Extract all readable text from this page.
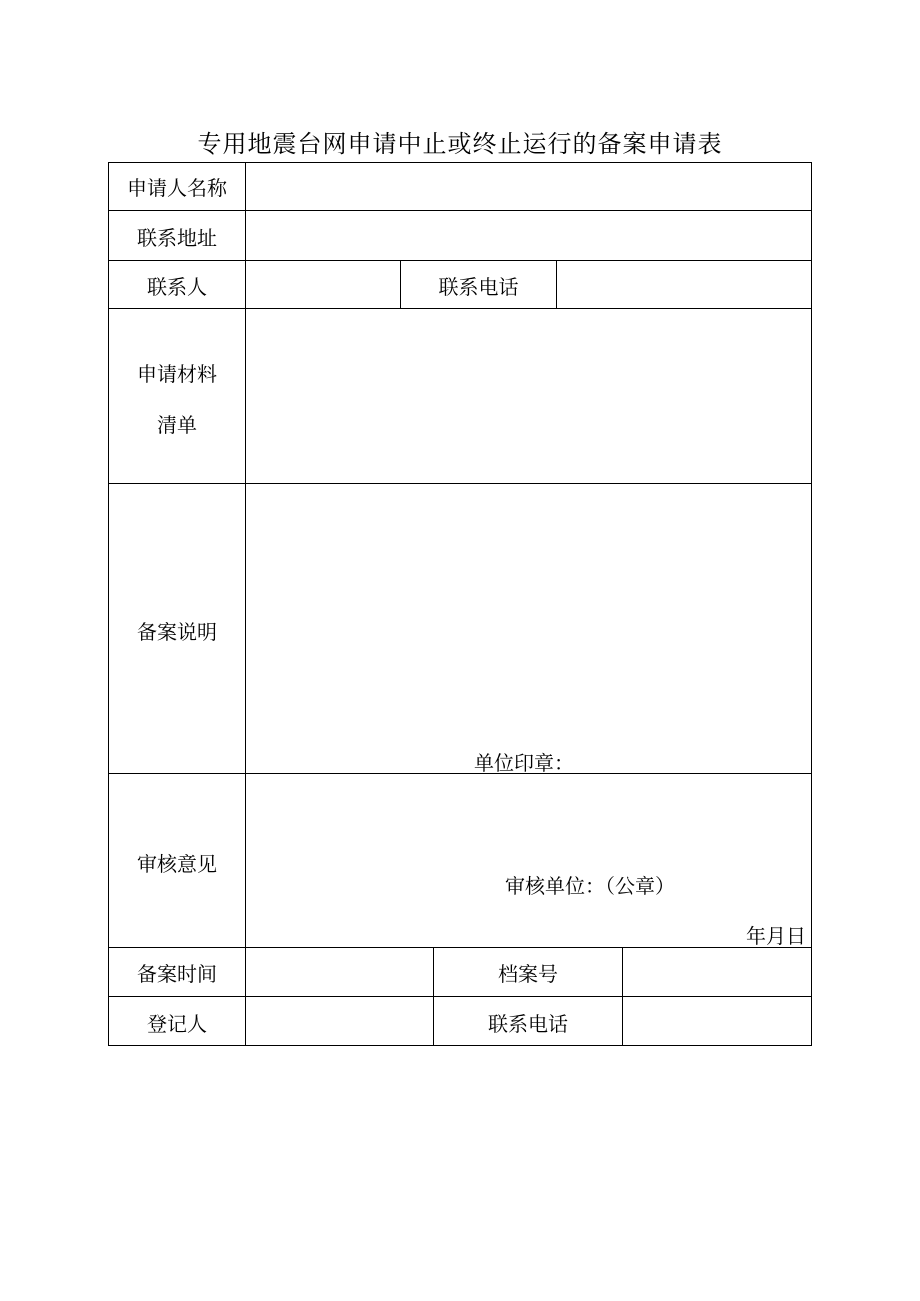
专用地震台网申请中止或终止运行的备案申请表
申请人名称
联系地址
联系人	联系电话
申请材料
清单
备案说明
单位印章：
审核意见
审核单位：（公章）
年月日
备案时间	档案号
登记人	联系电话
